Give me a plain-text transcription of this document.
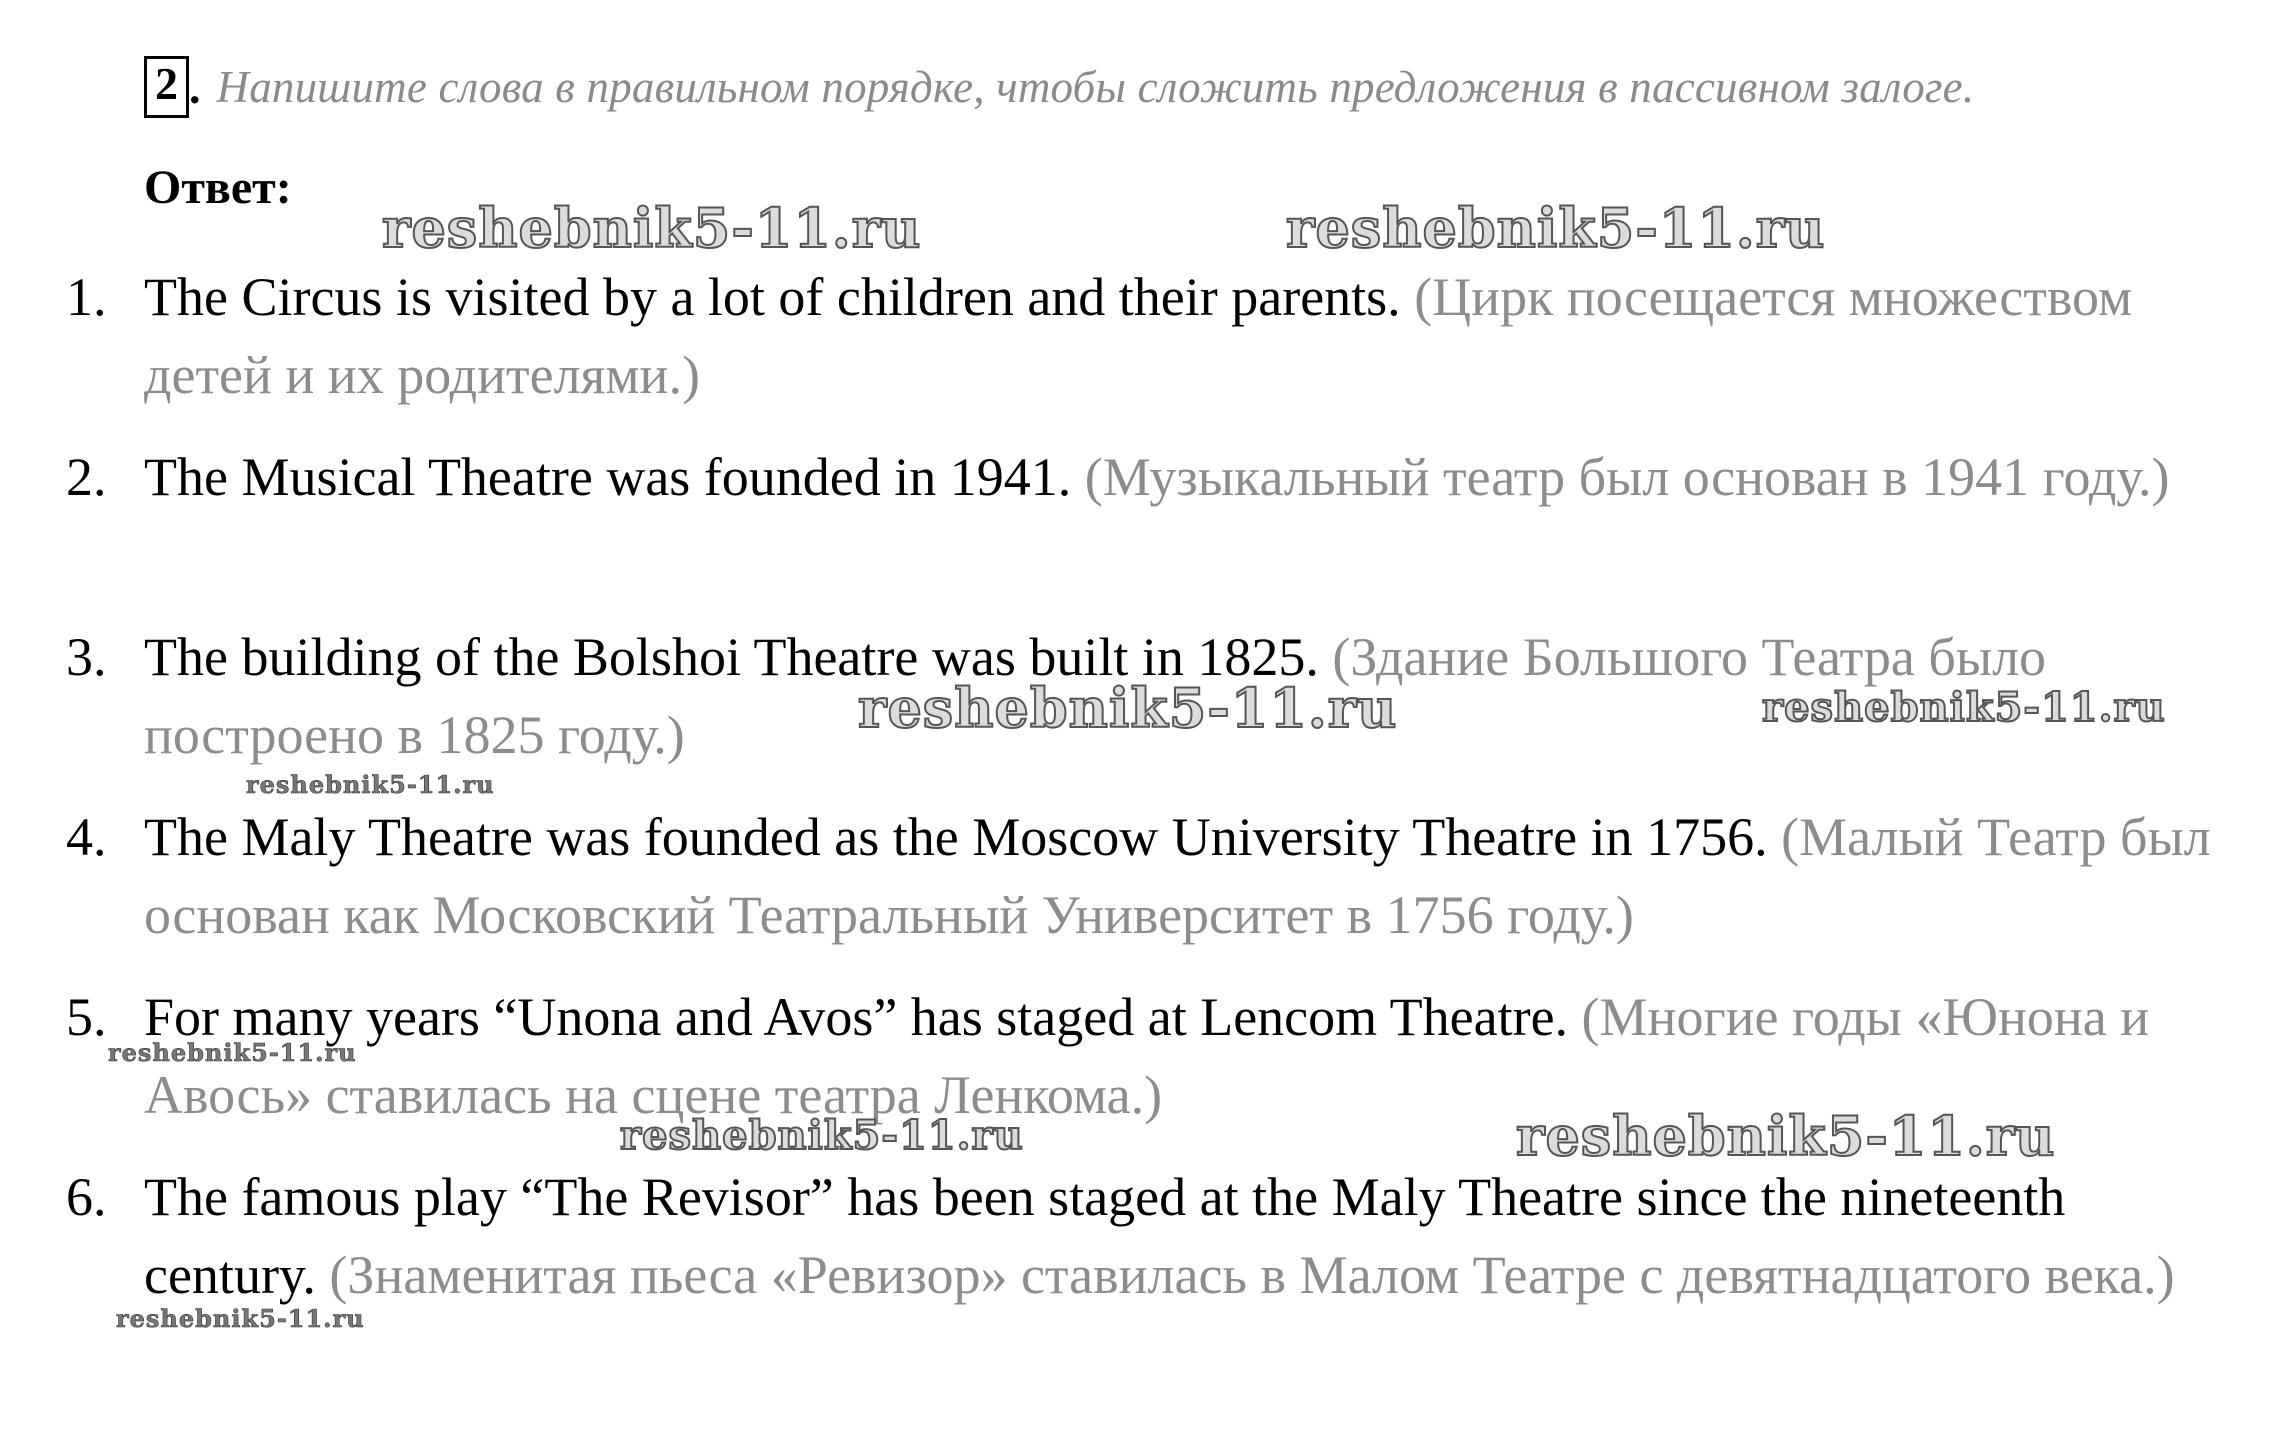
2 . Напишите слова в правильном порядке, чтобы сложить предложения в пассивном залоге.
Ответ:
1. The Circus is visited by a lot of children and their parents. (Цирк посещается множеством детей и их родителями.)
2. The Musical Theatre was founded in 1941. (Музыкальный театр был основан в 1941 году.)
3. The building of the Bolshoi Theatre was built in 1825. (Здание Большого Театра было построено в 1825 году.)
4. The Maly Theatre was founded as the Moscow University Theatre in 1756. (Малый Театр был основан как Московский Театральный Университет в 1756 году.)
5. For many years “Unona and Avos” has staged at Lencom Theatre. (Многие годы «Юнона и Авось» ставилась на сцене театра Ленкома.)
6. The famous play “The Revisor” has been staged at the Maly Theatre since the nineteenth century. (Знаменитая пьеса «Ревизор» ставилась в Малом Театре с девятнадцатого века.)
reshebnik5-11.ru	reshebnik5-11.ru
reshebnik5-11.ru	reshebnik5-11.ru
reshebnik5-11.ru
reshebnik5-11.ru
reshebnik5-11.ru	reshebnik5-11.ru
reshebnik5-11.ru
